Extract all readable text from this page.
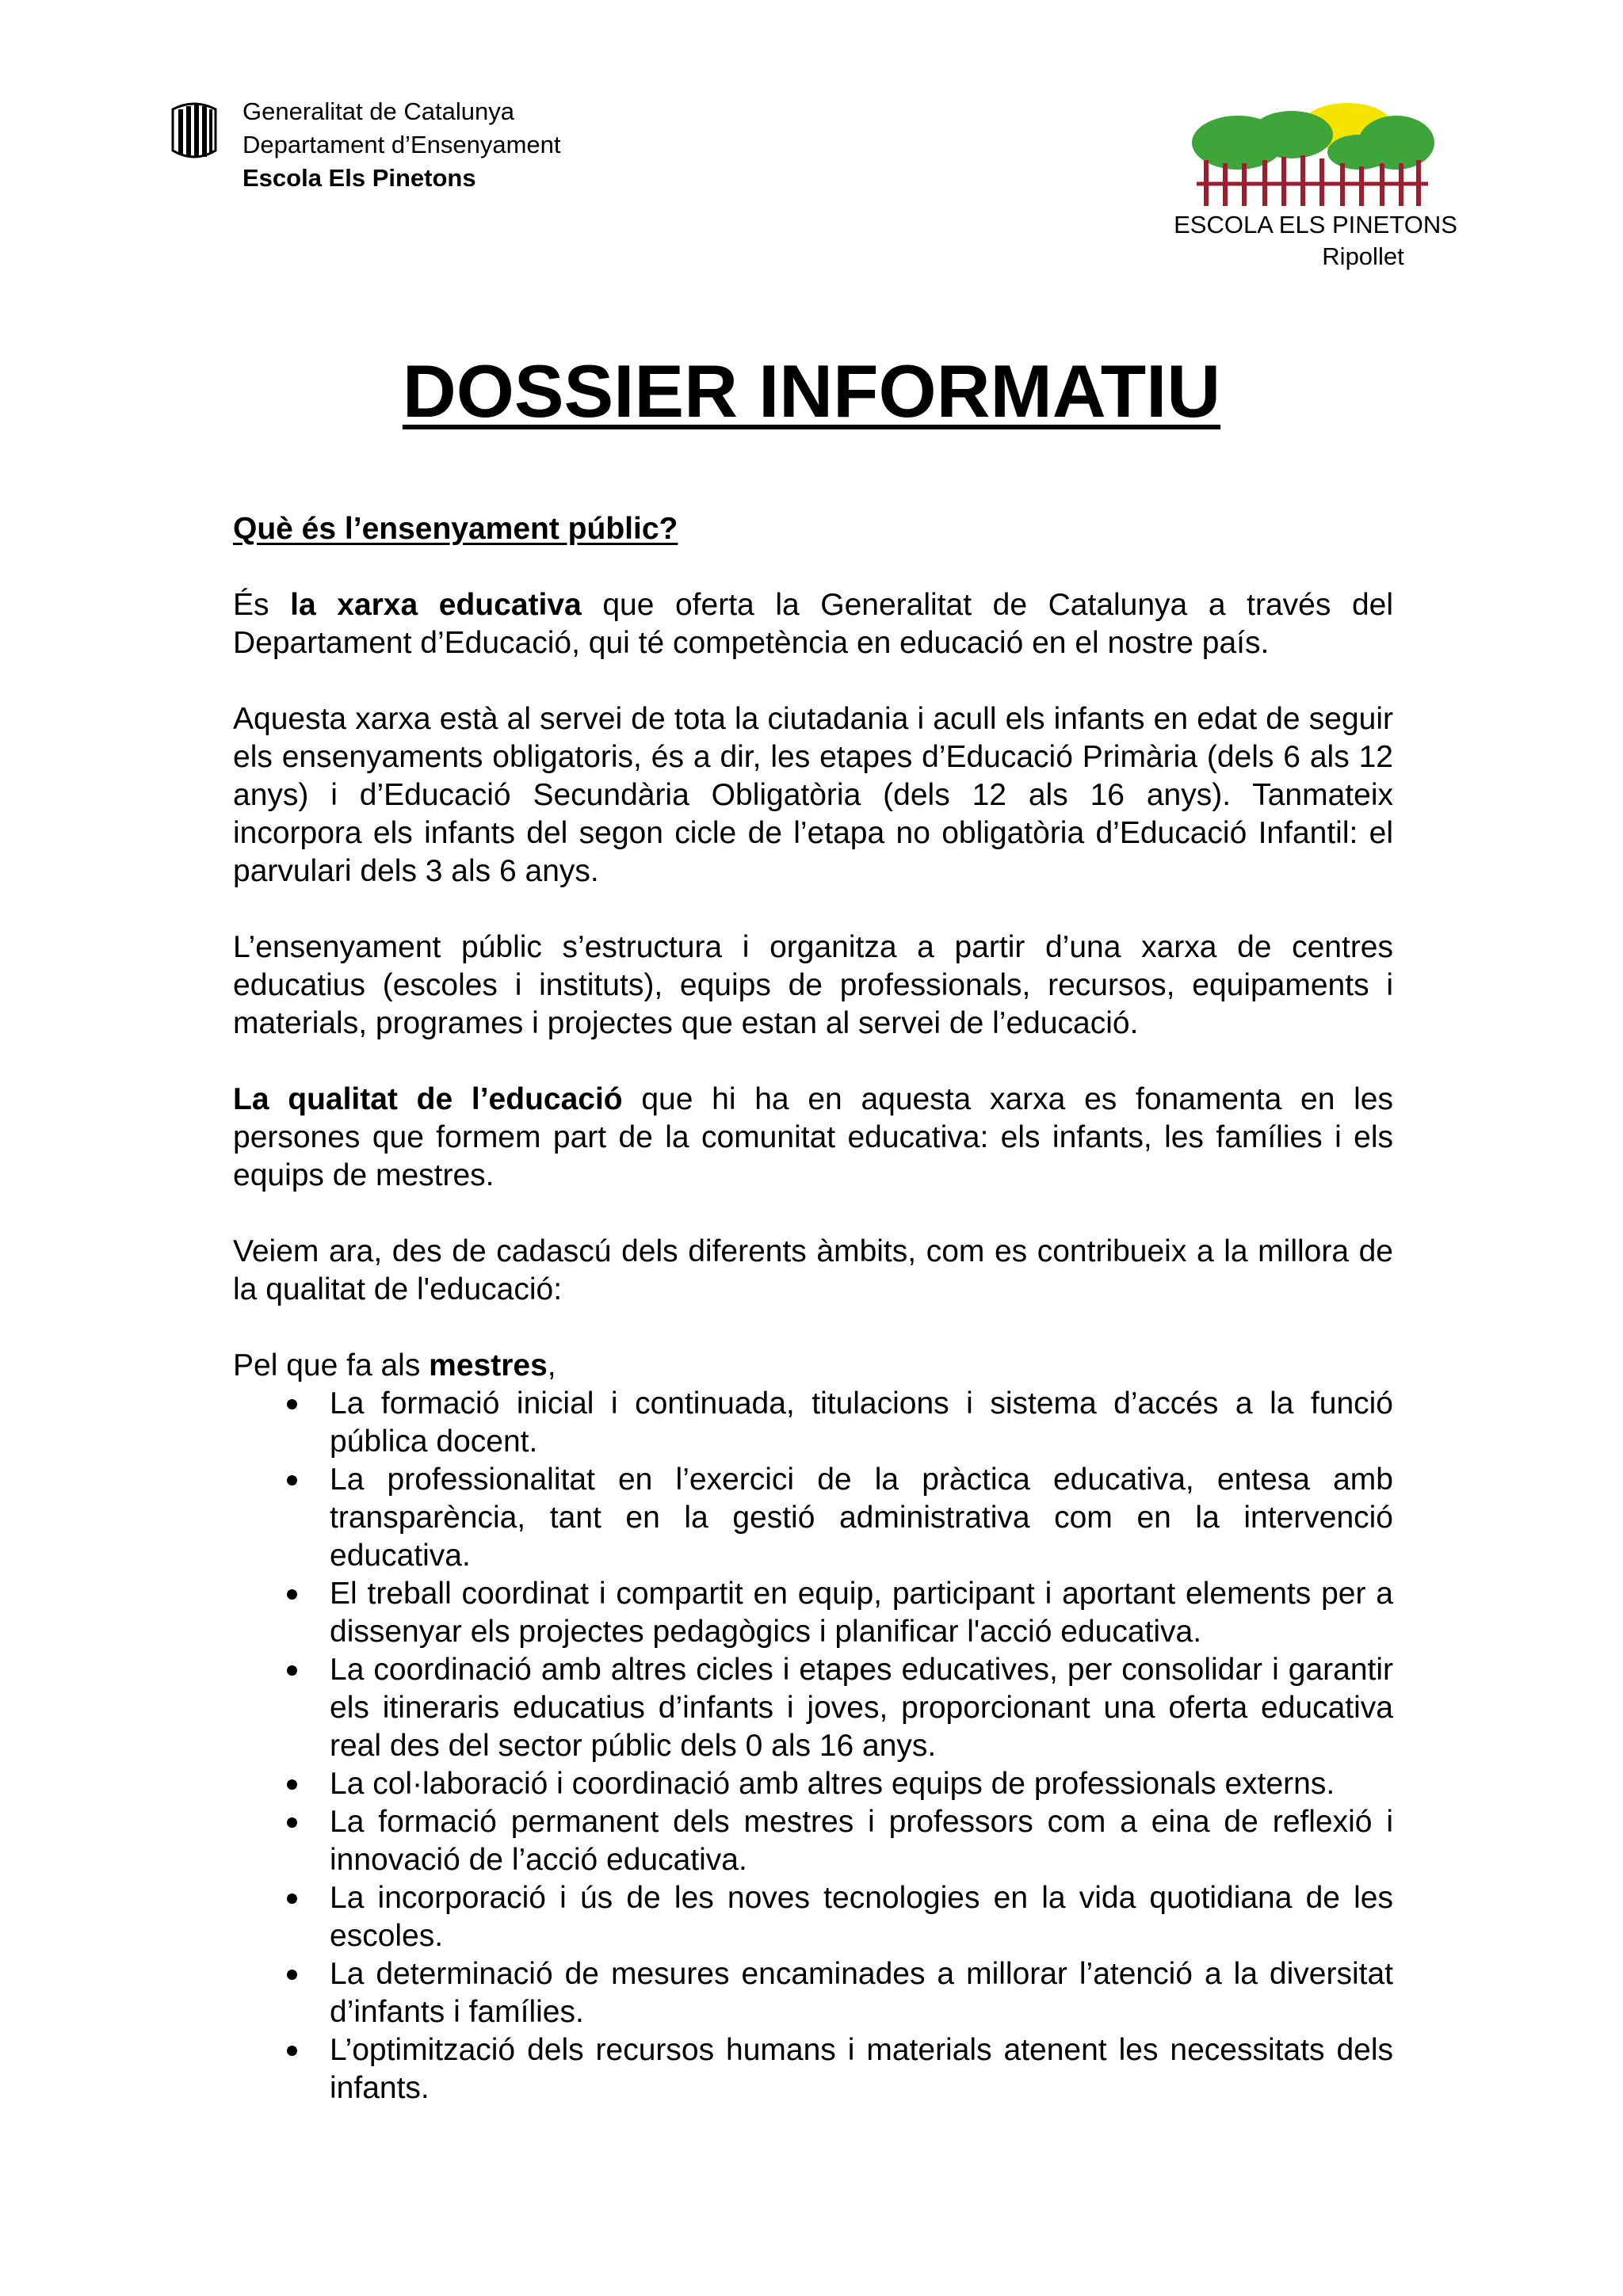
Generalitat de Catalunya
Departament d’Ensenyament
Escola Els Pinetons
ESCOLA ELS PINETONS
Ripollet
DOSSIER INFORMATIU

Què és l’ensenyament públic?

És la xarxa educativa que oferta la Generalitat de Catalunya a través del Departament d’Educació, qui té competència en educació en el nostre país.

Aquesta xarxa està al servei de tota la ciutadania i acull els infants en edat de seguir els ensenyaments obligatoris, és a dir, les etapes d’Educació Primària (dels 6 als 12 anys) i d’Educació Secundària Obligatòria (dels 12 als 16 anys). Tanmateix incorpora els infants del segon cicle de l’etapa no obligatòria d’Educació Infantil: el parvulari dels 3 als 6 anys.

L’ensenyament públic s’estructura i organitza a partir d’una xarxa de centres educatius (escoles i instituts), equips de professionals, recursos, equipaments i materials, programes i projectes que estan al servei de l’educació.

La qualitat de l’educació que hi ha en aquesta xarxa es fonamenta en les persones que formem part de la comunitat educativa: els infants, les famílies i els equips de mestres.

Veiem ara, des de cadascú dels diferents àmbits, com es contribueix a la millora de la qualitat de l'educació:

Pel que fa als mestres,

La formació inicial i continuada, titulacions i sistema d’accés a la funció pública docent.
La professionalitat en l’exercici de la pràctica educativa, entesa amb transparència, tant en la gestió administrativa com en la intervenció educativa.
El treball coordinat i compartit en equip, participant i aportant elements per a dissenyar els projectes pedagògics i planificar l'acció educativa.
La coordinació amb altres cicles i etapes educatives, per consolidar i garantir els itineraris educatius d’infants i joves, proporcionant una oferta educativa real des del sector públic dels 0 als 16 anys.
La col·laboració i coordinació amb altres equips de professionals externs.
La formació permanent dels mestres i professors com a eina de reflexió i innovació de l’acció educativa.
La incorporació i ús de les noves tecnologies en la vida quotidiana de les escoles.
La determinació de mesures encaminades a millorar l’atenció a la diversitat d’infants i famílies.
L’optimització dels recursos humans i materials atenent les necessitats dels infants.
